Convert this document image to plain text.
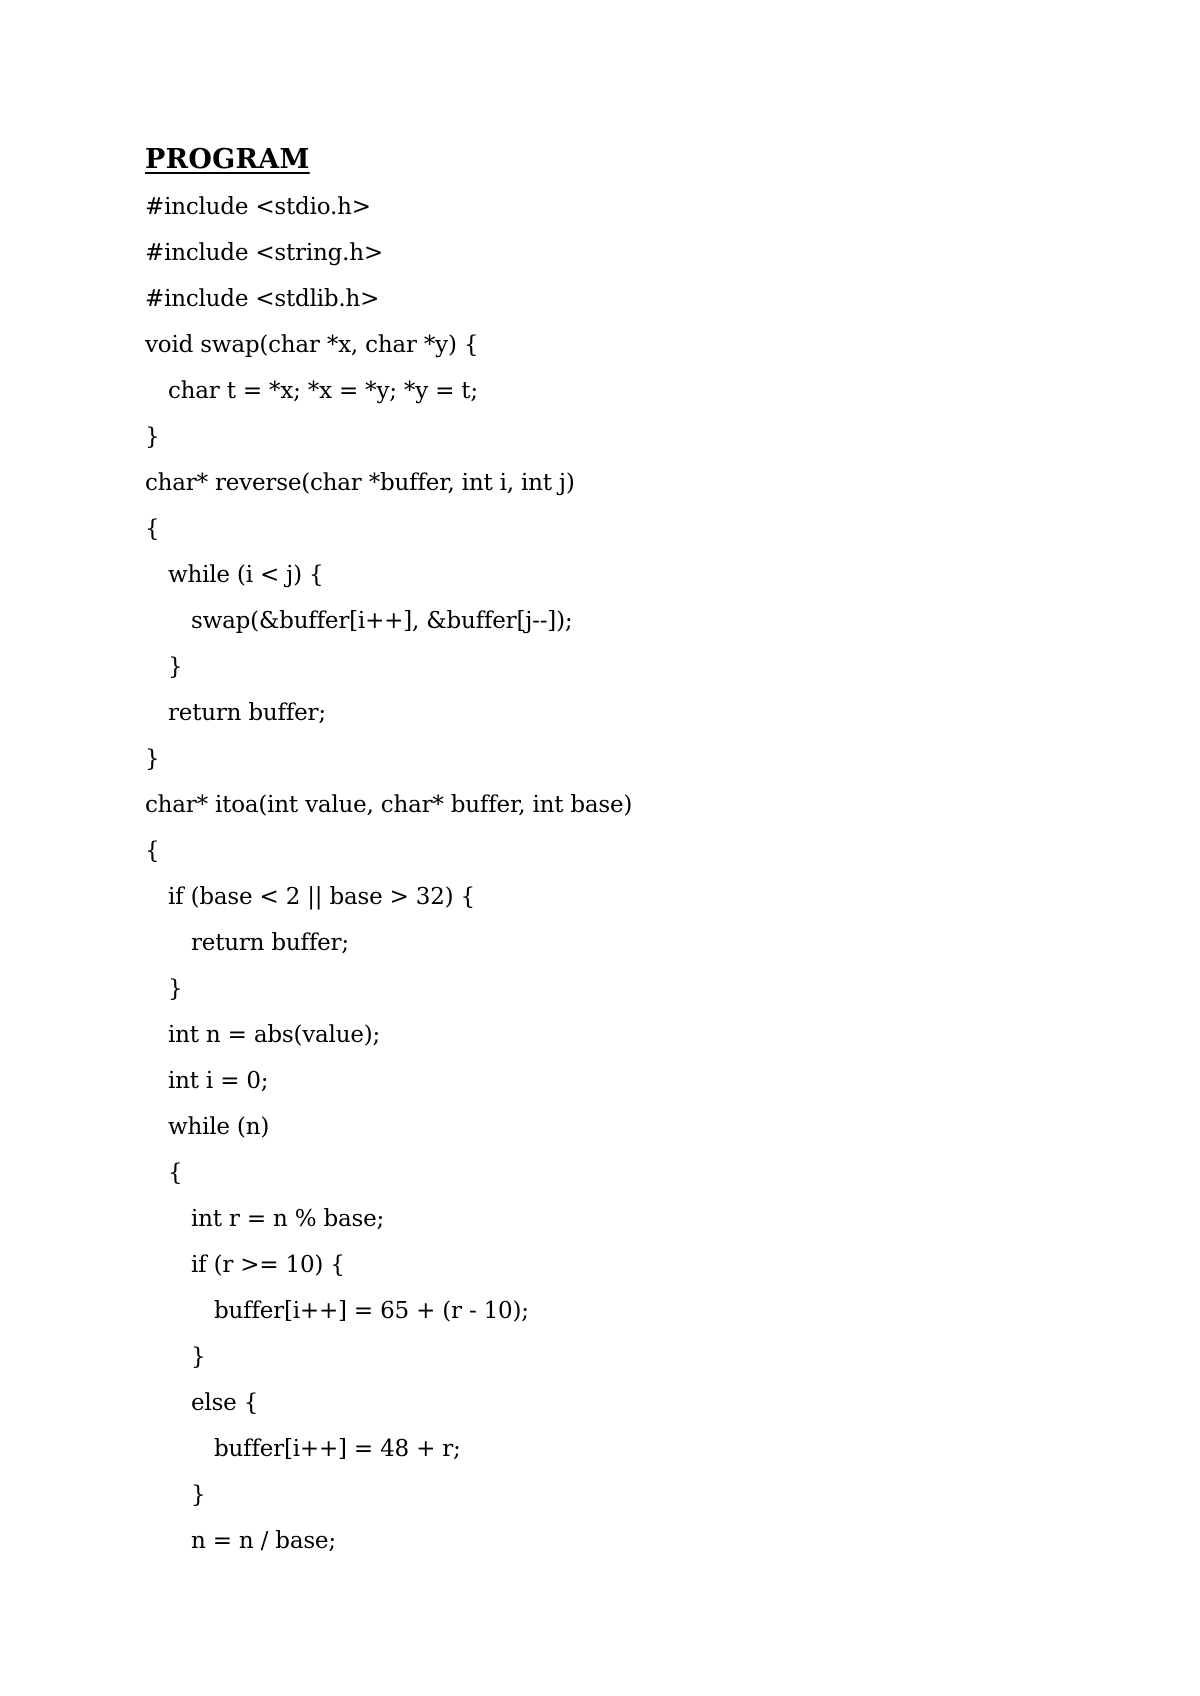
PROGRAM
#include <stdio.h>
#include <string.h>
#include <stdlib.h>
void swap(char *x, char *y) {
char t = *x; *x = *y; *y = t;
}
char* reverse(char *buffer, int i, int j)
{
while (i < j) {
swap(&buffer[i++], &buffer[j--]);
}
return buffer;
}
char* itoa(int value, char* buffer, int base)
{
if (base < 2 || base > 32) {
return buffer;
}
int n = abs(value);
int i = 0;
while (n)
{
int r = n % base;
if (r >= 10) {
buffer[i++] = 65 + (r - 10);
}
else {
buffer[i++] = 48 + r;
}
n = n / base;
